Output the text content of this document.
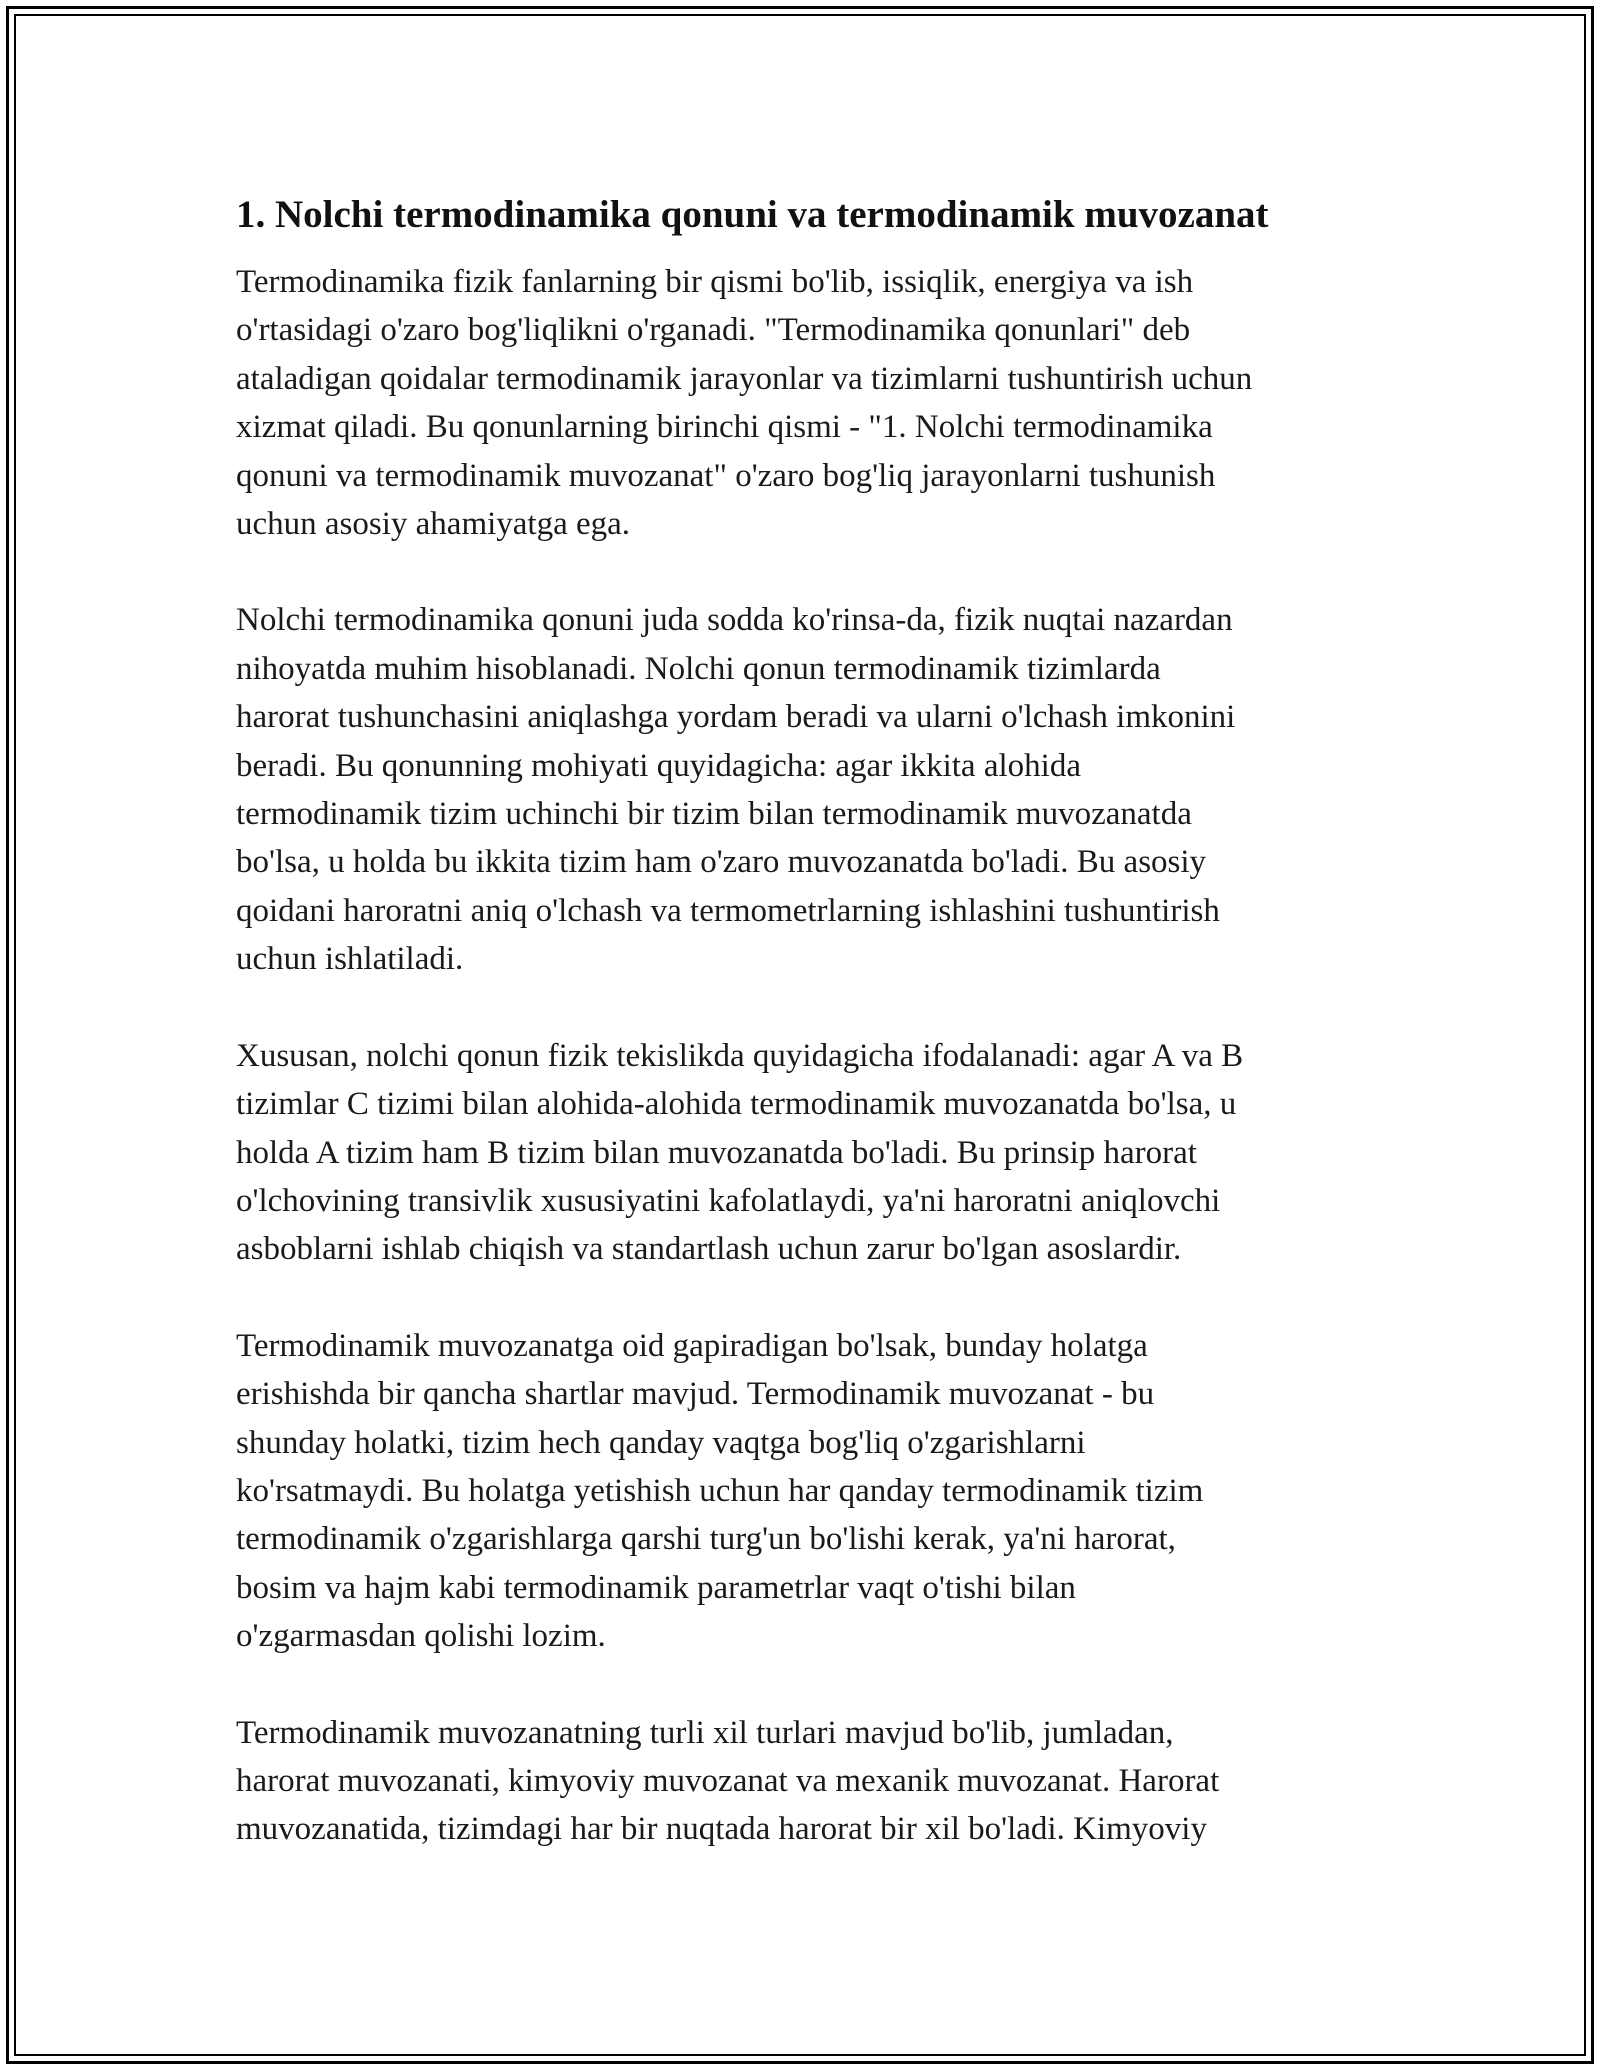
1. Nolchi termodinamika qonuni va termodinamik muvozanat

Termodinamika fizik fanlarning bir qismi bo'lib, issiqlik, energiya va ish
o'rtasidagi o'zaro bog'liqlikni o'rganadi. "Termodinamika qonunlari" deb
ataladigan qoidalar termodinamik jarayonlar va tizimlarni tushuntirish uchun
xizmat qiladi. Bu qonunlarning birinchi qismi - "1. Nolchi termodinamika
qonuni va termodinamik muvozanat" o'zaro bog'liq jarayonlarni tushunish
uchun asosiy ahamiyatga ega.

Nolchi termodinamika qonuni juda sodda ko'rinsa-da, fizik nuqtai nazardan
nihoyatda muhim hisoblanadi. Nolchi qonun termodinamik tizimlarda
harorat tushunchasini aniqlashga yordam beradi va ularni o'lchash imkonini
beradi. Bu qonunning mohiyati quyidagicha: agar ikkita alohida
termodinamik tizim uchinchi bir tizim bilan termodinamik muvozanatda
bo'lsa, u holda bu ikkita tizim ham o'zaro muvozanatda bo'ladi. Bu asosiy
qoidani haroratni aniq o'lchash va termometrlarning ishlashini tushuntirish
uchun ishlatiladi.

Xususan, nolchi qonun fizik tekislikda quyidagicha ifodalanadi: agar A va B
tizimlar C tizimi bilan alohida-alohida termodinamik muvozanatda bo'lsa, u
holda A tizim ham B tizim bilan muvozanatda bo'ladi. Bu prinsip harorat
o'lchovining transivlik xususiyatini kafolatlaydi, ya'ni haroratni aniqlovchi
asboblarni ishlab chiqish va standartlash uchun zarur bo'lgan asoslardir.

Termodinamik muvozanatga oid gapiradigan bo'lsak, bunday holatga
erishishda bir qancha shartlar mavjud. Termodinamik muvozanat - bu
shunday holatki, tizim hech qanday vaqtga bog'liq o'zgarishlarni
ko'rsatmaydi. Bu holatga yetishish uchun har qanday termodinamik tizim
termodinamik o'zgarishlarga qarshi turg'un bo'lishi kerak, ya'ni harorat,
bosim va hajm kabi termodinamik parametrlar vaqt o'tishi bilan
o'zgarmasdan qolishi lozim.

Termodinamik muvozanatning turli xil turlari mavjud bo'lib, jumladan,
harorat muvozanati, kimyoviy muvozanat va mexanik muvozanat. Harorat
muvozanatida, tizimdagi har bir nuqtada harorat bir xil bo'ladi. Kimyoviy
